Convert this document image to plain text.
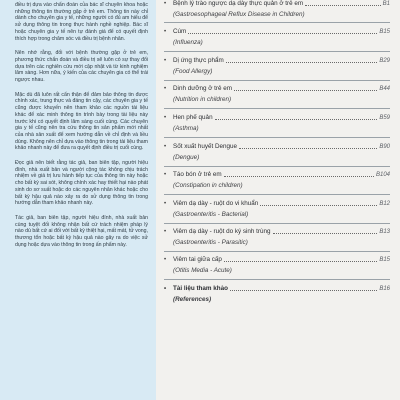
điều trị dựa vào chẩn đoán của bác sĩ chuyên khoa hoặc những thông tin thường gặp ở trẻ em. Thông tin này chỉ dành cho chuyên gia y tế, những người có đủ am hiểu để sử dụng thông tin trong thực hành nghề nghiệp. Bác sĩ hoặc chuyên gia y tế nên tự đánh giá để có quyết định thích hợp trong chăm sóc và điều trị bệnh nhân.

Nên nhớ rằng, đối với bệnh thường gặp ở trẻ em, phương thức chẩn đoán và điều trị sẽ luôn có sự thay đổi dựa trên các nghiên cứu mới cập nhật và từ kinh nghiệm lâm sàng. Hơn nữa, ý kiến của các chuyên gia có thể trái ngược nhau.

Mặc dù đã luôn rất cẩn thận để đảm bảo thông tin được chính xác, trung thực và đáng tin cậy, các chuyên gia y tế cũng được khuyến nên tham khảo các nguồn tài liệu khác để xác minh thông tin trình bày trong tài liệu này trước khi có quyết định lâm sàng cuối cùng. Các chuyên gia y tế cũng nên tra cứu thông tin sản phẩm mới nhất của nhà sản xuất để xem hướng dẫn về chỉ định và liều dùng. Không nên chỉ dựa vào thông tin trong tài liệu tham khảo nhanh này để đưa ra quyết định điều trị cuối cùng.

Đọc giả nên biết rằng tác giả, ban biên tập, người hiệu đính, nhà xuất bản và người cộng tác không chịu trách nhiệm về giá trị lưu hành tiếp tục của thông tin này hoặc cho bất kỳ sai sót, không chính xác hay thiết hại nào phát sinh do sơ suất hoặc do các nguyên nhân khác hoặc cho bất kỳ hậu quả nào xảy ra do sử dụng thông tin trong hướng dẫn tham khảo nhanh này.

Tác giả, ban biên tập, người hiệu đính, nhà xuất bản cùng tuyệt đối không nhận bất cứ trách nhiệm pháp lý nào dù bất cứ ai đối với bất kỳ thiệt hại, mất mát, tử vong, thương tổn hoặc bất kỳ hậu quả nào gây ra do việc sử dụng hoặc dựa vào thông tin trong ấn phẩm này.

•	Bệnh lý trào ngược dạ dày thực quản ở trẻ em	B1
(Gastroesophageal Reflux Disease in Children)
•	Cúm	B15
(Influenza)
•	Dị ứng thực phẩm	B29
(Food Allergy)
•	Dinh dưỡng ở trẻ em	B44
(Nutrition in children)
•	Hen phế quản	B59
(Asthma)
•	Sốt xuất huyết Dengue	B90
(Dengue)
•	Táo bón ở trẻ em	B104
(Constipation in children)
•	Viêm dạ dày - ruột do vi khuẩn	B12
(Gastroenteritis - Bacterial)
•	Viêm dạ dày - ruột do ký sinh trùng	B13
(Gastroenteritis - Parasitic)
•	Viêm tai giữa cấp	B15
(Otitis Media - Acute)
•	Tài liệu tham khảo	B16
(References)
